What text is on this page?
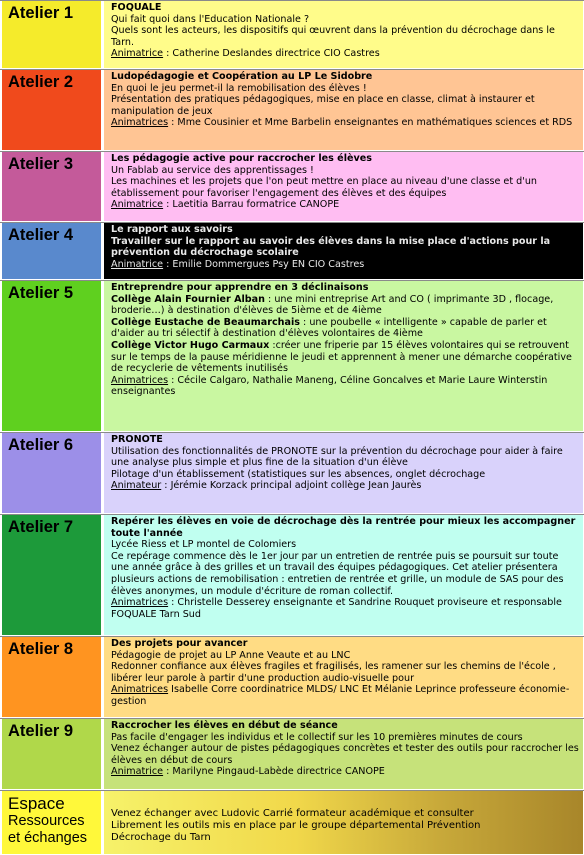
Atelier 1	FOQUALE

Qui fait quoi dans l'Education Nationale ?

Quels sont les acteurs, les dispositifs qui œuvrent dans la prévention du décrochage dans le Tarn.

Animatrice : Catherine Deslandes directrice CIO Castres

Atelier 2	Ludopédagogie et Coopération au LP Le Sidobre

En quoi le jeu permet-il la remobilisation des élèves !

Présentation des pratiques pédagogiques, mise en place en classe, climat à instaurer et manipulation de jeux

Animatrices : Mme Cousinier et Mme Barbelin enseignantes en mathématiques sciences et RDS

Atelier 3	Les pédagogie active pour raccrocher les élèves

Un Fablab au service des apprentissages !

Les machines et les projets que l'on peut mettre en place au niveau d'une classe et d'un établissement pour favoriser l'engagement des élèves et des équipes

Animatrice : Laetitia Barrau formatrice CANOPE

Atelier 4	Le rapport aux savoirs

Travailler sur le rapport au savoir des élèves dans la mise place d'actions pour la prévention du décrochage scolaire

Animatrice : Emilie Dommergues Psy EN CIO Castres

Atelier 5	Entreprendre pour apprendre en 3 déclinaisons

Collège Alain Fournier Alban : une mini entreprise Art and CO ( imprimante 3D , flocage, broderie…) à destination d'élèves de 5ième et de 4ième

Collège Eustache de Beaumarchais : une poubelle « intelligente » capable de parler et d'aider au tri sélectif à destination d'élèves volontaires de 4ième

Collège Victor Hugo Carmaux :créer une friperie par 15 élèves volontaires qui se retrouvent sur le temps de la pause méridienne le jeudi et apprennent à mener une démarche coopérative de recyclerie de vêtements inutilisés

Animatrices : Cécile Calgaro, Nathalie Maneng, Céline Goncalves et Marie Laure Winterstin enseignantes

Atelier 6	PRONOTE

Utilisation des fonctionnalités de PRONOTE sur la prévention du décrochage pour aider à faire une analyse plus simple et plus fine de la situation d'un élève

Pilotage d'un établissement (statistiques sur les absences, onglet décrochage

Animateur : Jérémie Korzack principal adjoint collège Jean Jaurès

Atelier 7	Repérer les élèves en voie de décrochage dès la rentrée pour mieux les accompagner toute l'année

Lycée Riess et LP montel de Colomiers

Ce repérage commence dès le 1er jour par un entretien de rentrée puis se poursuit sur toute une année grâce à des grilles et un travail des équipes pédagogiques. Cet atelier présentera plusieurs actions de remobilisation : entretien de rentrée et grille, un module de SAS pour des élèves anonymes, un module d'écriture de roman collectif.

Animatrices : Christelle Desserey enseignante et Sandrine Rouquet proviseure et responsable FOQUALE Tarn Sud

Atelier 8	Des projets pour avancer

Pédagogie de projet au LP Anne Veaute et au LNC

Redonner confiance aux élèves fragiles et fragilisés, les ramener sur les chemins de l'école , libérer leur parole à partir d'une production audio-visuelle pour

Animatrices Isabelle Corre coordinatrice MLDS/ LNC Et Mélanie Leprince professeure économie-gestion

Atelier 9	Raccrocher les élèves en début de séance

Pas facile d'engager les individus et le collectif sur les 10 premières minutes de cours

Venez échanger autour de pistes pédagogiques concrètes et tester des outils pour raccrocher les élèves en début de cours

Animatrice : Marilyne Pingaud-Labède directrice CANOPE

Espace
Ressources
et échanges

Venez échanger avec Ludovic Carrié formateur académique et consulter

Librement les outils mis en place par le groupe départemental Prévention

Décrochage du Tarn
